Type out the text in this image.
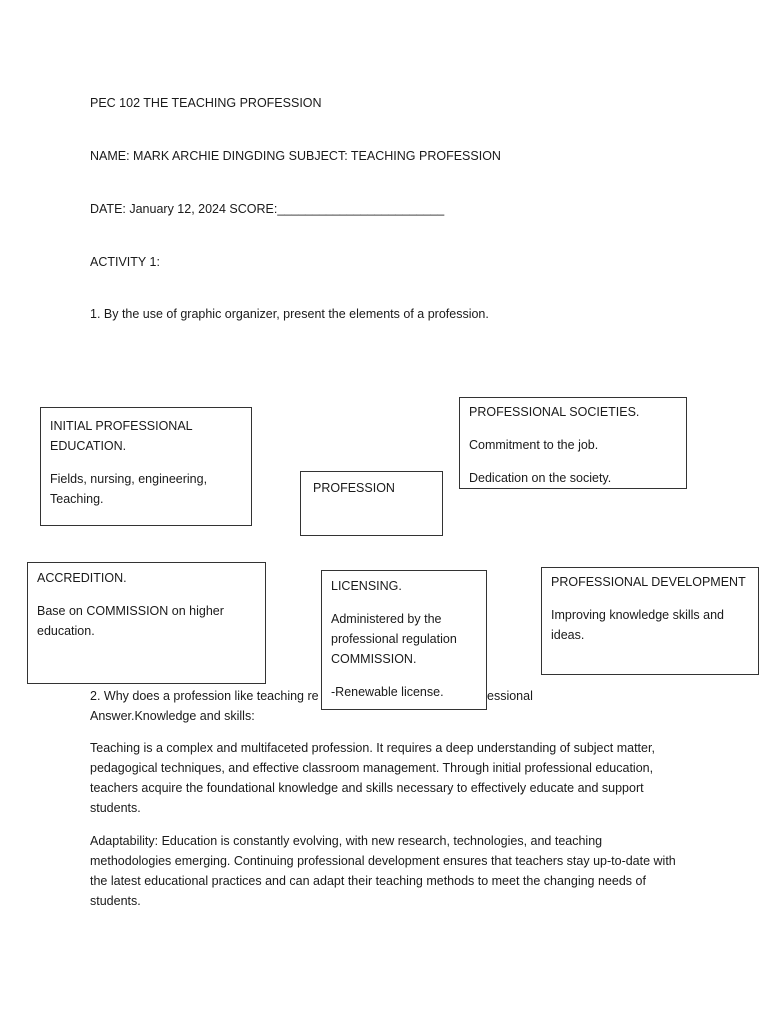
PEC 102 THE TEACHING PROFESSION
NAME: MARK ARCHIE DINGDING SUBJECT: TEACHING PROFESSION
DATE: January 12, 2024 SCORE:________________________
ACTIVITY 1:
1. By the use of graphic organizer, present the elements of a profession.
INITIAL PROFESSIONAL
EDUCATION.
Fields, nursing, engineering,
Teaching.
PROFESSION

PROFESSIONAL SOCIETIES.

Commitment to the job.

Dedication on the society.

ACCREDITION.

Base on COMMISSION on higher
education.

LICENSING.

Administered by the
professional regulation
COMMISSION.
-Renewable license.

PROFESSIONAL DEVELOPMENT

Improving knowledge skills and
ideas.
2. Why does a profession like teaching re	essional
Answer.Knowledge and skills:

Teaching is a complex and multifaceted profession. It requires a deep understanding of subject matter, pedagogical techniques, and effective classroom management. Through initial professional education, teachers acquire the foundational knowledge and skills necessary to effectively educate and support students.

Adaptability: Education is constantly evolving, with new research, technologies, and teaching methodologies emerging. Continuing professional development ensures that teachers stay up-to-date with the latest educational practices and can adapt their teaching methods to meet the changing needs of students.
